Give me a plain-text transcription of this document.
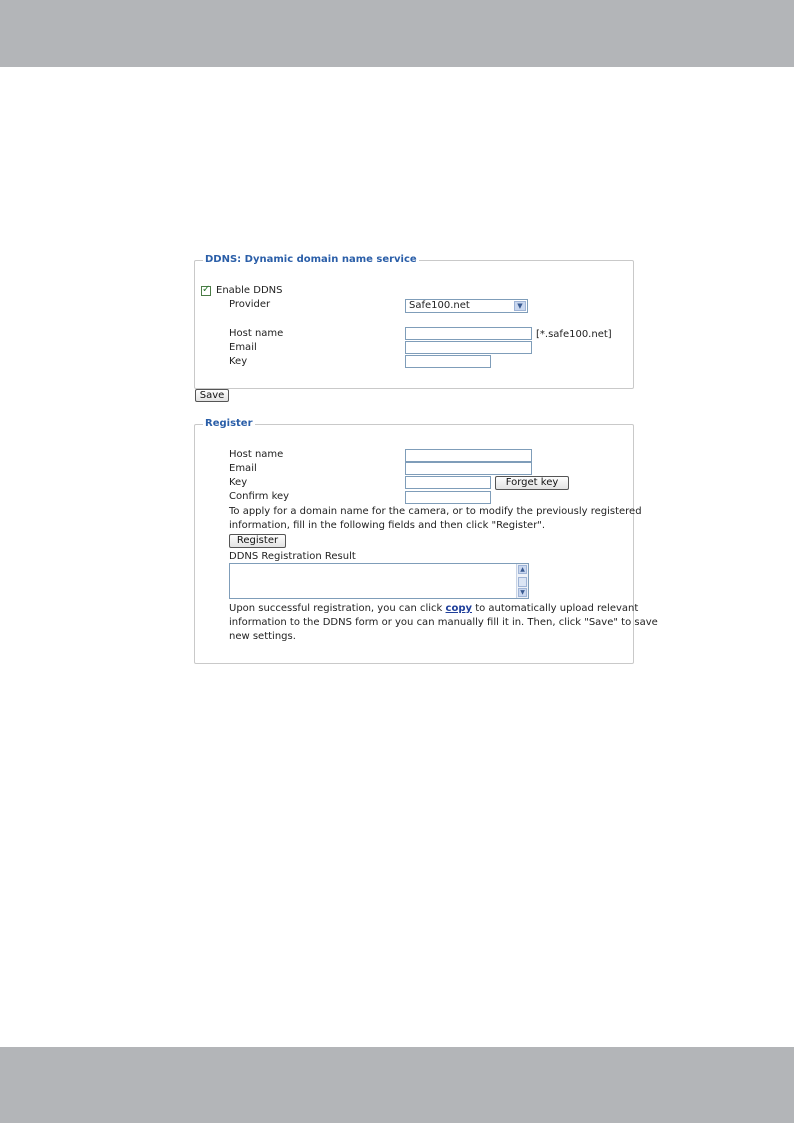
DDNS: Dynamic domain name service
✓ Enable DDNS
Provider	Safe100.net	▼
Host name	[*.safe100.net]
Email
Key
Save
Register
Host name
Email
Key	Forget key
Confirm key
To apply for a domain name for the camera, or to modify the previously registered
information, fill in the following fields and then click "Register".
Register
DDNS Registration Result
▲
▼
Upon successful registration, you can click copy to automatically upload relevant
information to the DDNS form or you can manually fill it in. Then, click "Save" to save
new settings.
